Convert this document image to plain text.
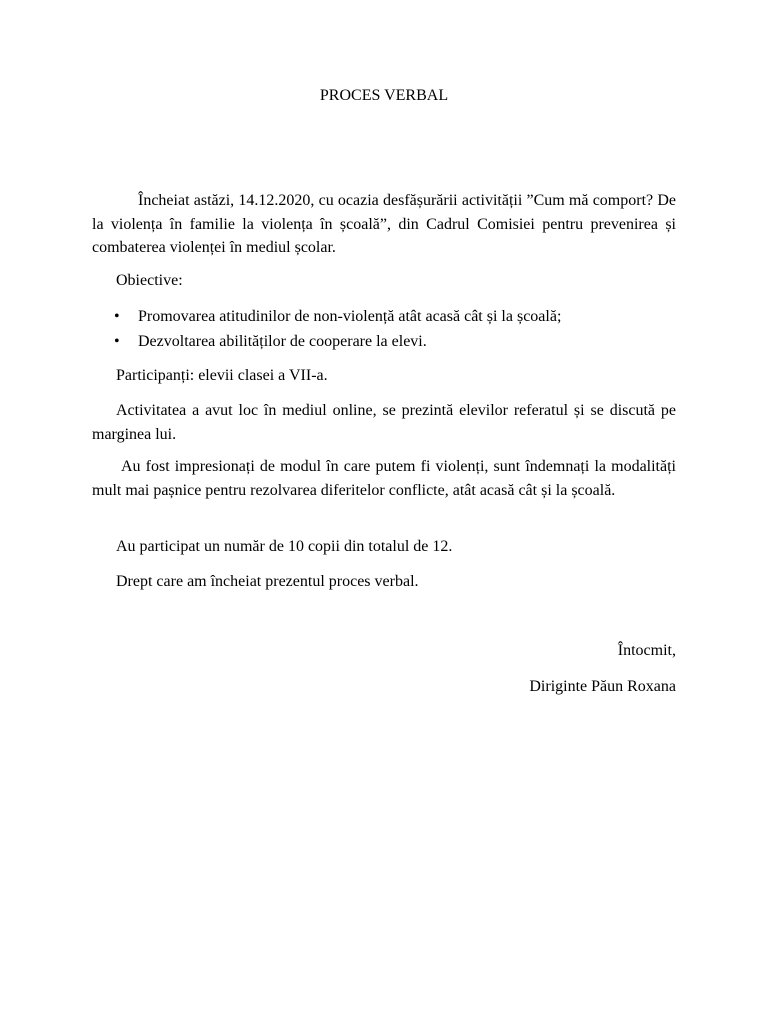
PROCES VERBAL

Încheiat astăzi, 14.12.2020, cu ocazia desfășurării activității ”Cum mă comport? De la violența în familie la violența în școală”, din Cadrul Comisiei pentru prevenirea și combaterea violenței în mediul școlar.

Obiective:

• Promovarea atitudinilor de non-violență atât acasă cât și la școală;
• Dezvoltarea abilităților de cooperare la elevi.

Participanți: elevii clasei a VII-a.

Activitatea a avut loc în mediul online, se prezintă elevilor referatul și se discută pe marginea lui.

Au fost impresionați de modul în care putem fi violenți, sunt îndemnați la modalități mult mai pașnice pentru rezolvarea diferitelor conflicte, atât acasă cât și la școală.

Au participat un număr de 10 copii din totalul de 12.

Drept care am încheiat prezentul proces verbal.

Întocmit,
Diriginte Păun Roxana
